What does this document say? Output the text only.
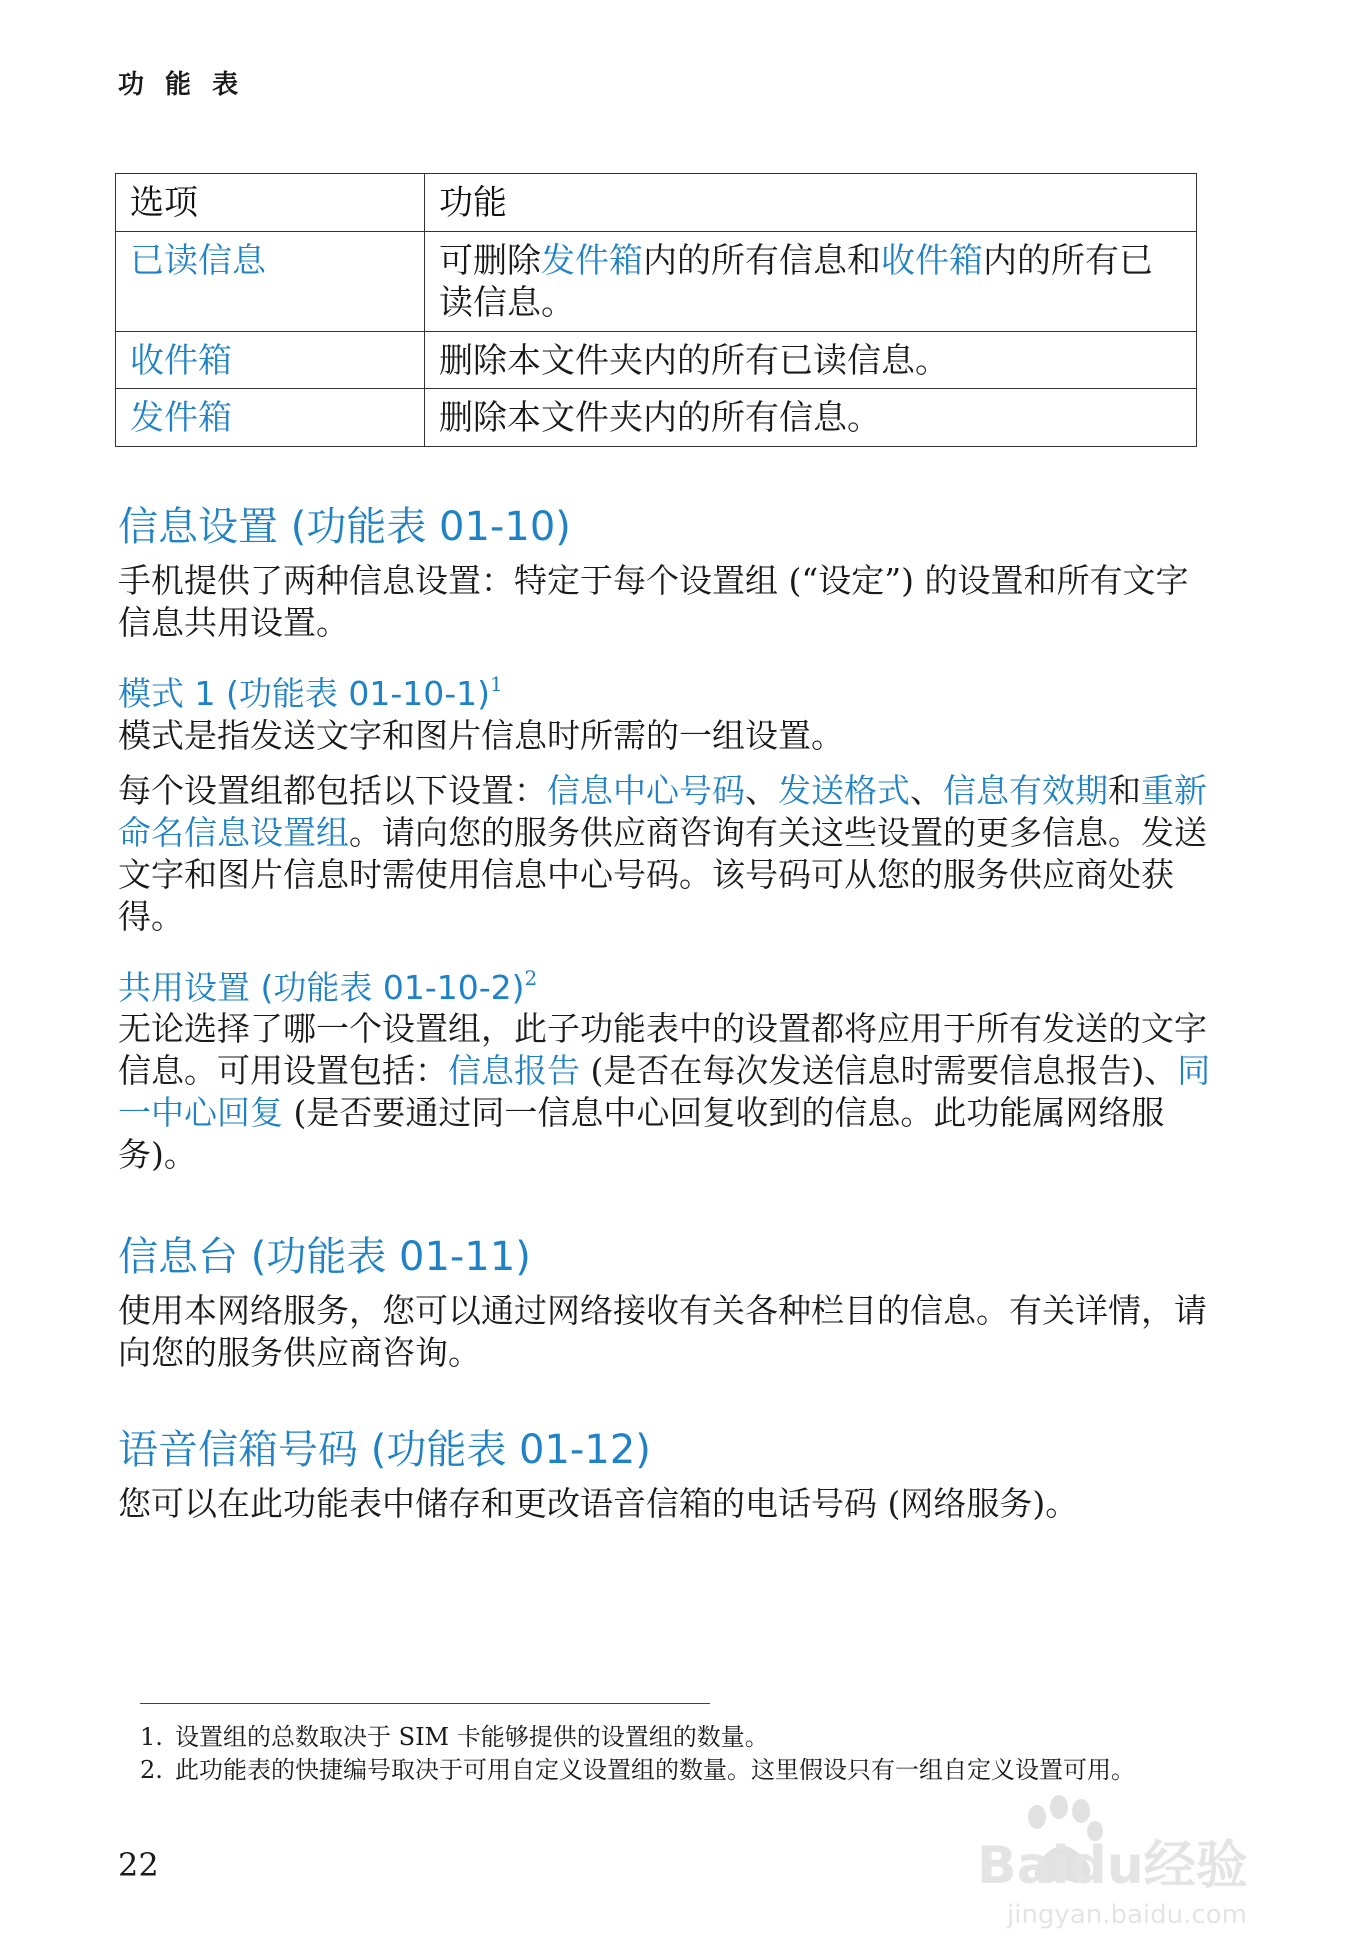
功 能 表
选项	功能
已读信息	可删除发件箱内的所有信息和收件箱内的所有已读信息。
收件箱	删除本文件夹内的所有已读信息。
发件箱	删除本文件夹内的所有信息。
信息设置 (功能表 01-10)
手机提供了两种信息设置：特定于每个设置组 (“设定”) 的设置和所有文字信息共用设置。
模式 1 (功能表 01-10-1)$^1$
模式是指发送文字和图片信息时所需的一组设置。
每个设置组都包括以下设置：信息中心号码、发送格式、信息有效期和重新命名信息设置组。请向您的服务供应商咨询有关这些设置的更多信息。发送文字和图片信息时需使用信息中心号码。该号码可从您的服务供应商处获得。
共用设置 (功能表 01-10-2)$^2$
无论选择了哪一个设置组，此子功能表中的设置都将应用于所有发送的文字信息。可用设置包括：信息报告 (是否在每次发送信息时需要信息报告)、同一中心回复 (是否要通过同一信息中心回复收到的信息。此功能属网络服务)。
信息台 (功能表 01-11)
使用本网络服务，您可以通过网络接收有关各种栏目的信息。有关详情，请向您的服务供应商咨询。
语音信箱号码 (功能表 01-12)
您可以在此功能表中储存和更改语音信箱的电话号码 (网络服务)。
1. 设置组的总数取决于 SIM 卡能够提供的设置组的数量。
2. 此功能表的快捷编号取决于可用自定义设置组的数量。这里假设只有一组自定义设置可用。
22	Baidu经验
jingyan.baidu.com
